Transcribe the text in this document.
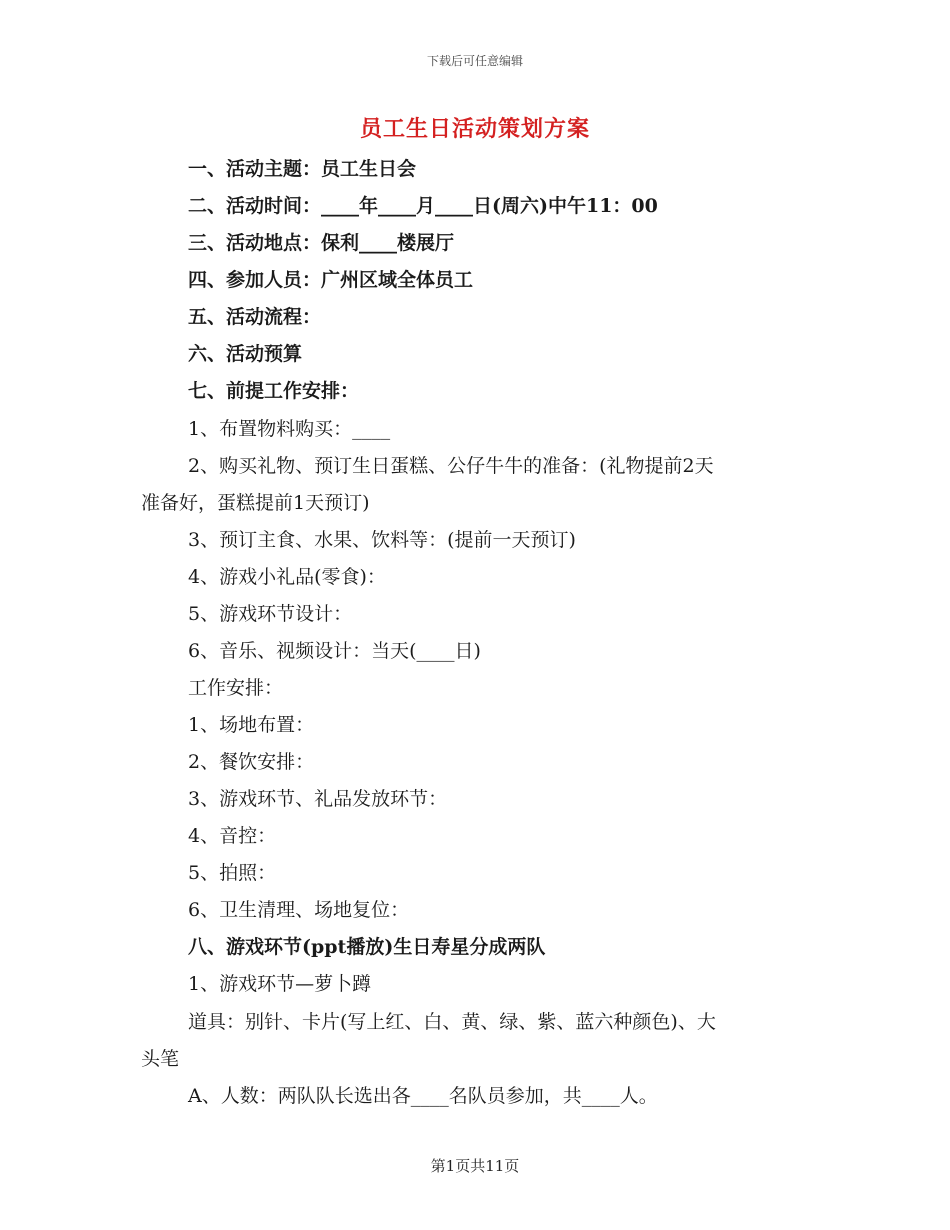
下载后可任意编辑
员工生日活动策划方案
一、活动主题：员工生日会
二、活动时间：____年____月____日(周六)中午11：00
三、活动地点：保利____楼展厅
四、参加人员：广州区域全体员工
五、活动流程：
六、活动预算
七、前提工作安排：
1、布置物料购买：____
2、购买礼物、预订生日蛋糕、公仔牛牛的准备：(礼物提前2天
准备好，蛋糕提前1天预订)
3、预订主食、水果、饮料等：(提前一天预订)
4、游戏小礼品(零食)：
5、游戏环节设计：
6、音乐、视频设计：当天(____日)
工作安排：
1、场地布置：
2、餐饮安排：
3、游戏环节、礼品发放环节：
4、音控：
5、拍照：
6、卫生清理、场地复位：
八、游戏环节(ppt播放)生日寿星分成两队
1、游戏环节—萝卜蹲
道具：别针、卡片(写上红、白、黄、绿、紫、蓝六种颜色)、大
头笔
A、人数：两队队长选出各____名队员参加，共____人。
第1页共11页
